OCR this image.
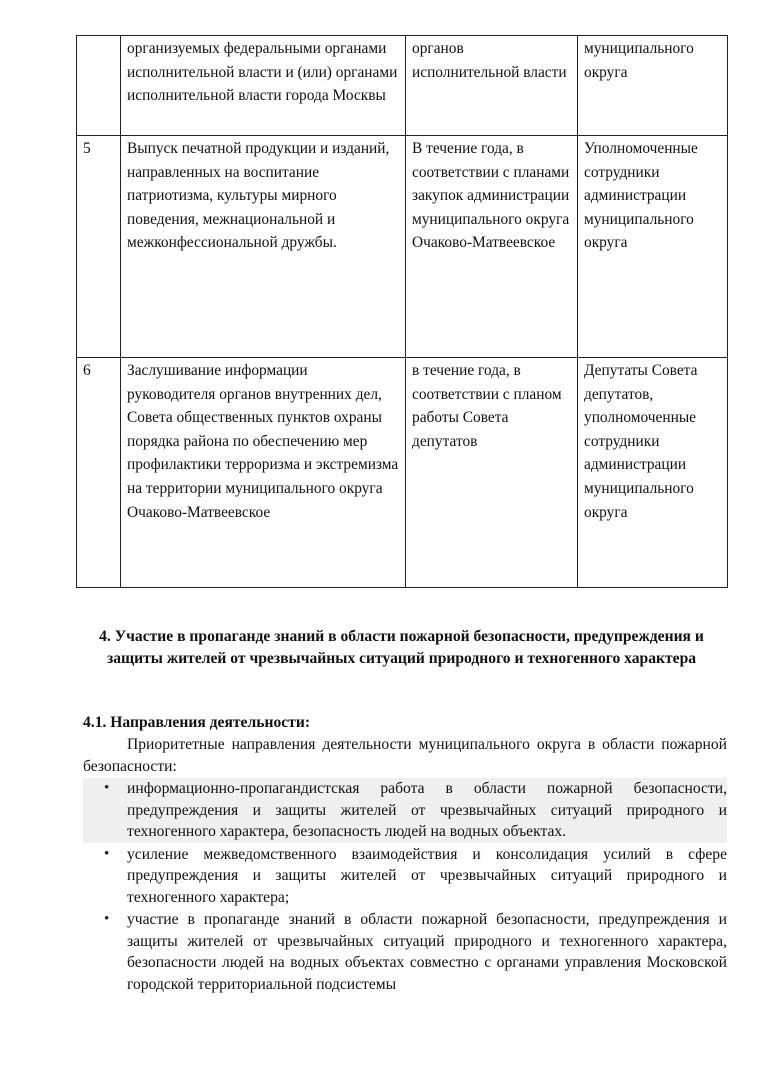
	организуемых федеральными органами исполнительной власти и (или) органами исполнительной власти города Москвы	органов исполнительной власти	муниципального округа
5	Выпуск печатной продукции и изданий, направленных на воспитание патриотизма, культуры мирного поведения, межнациональной и межконфессиональной дружбы.	В течение года, в соответствии с планами закупок администрации муниципального округа Очаково-Матвеевское	Уполномоченные сотрудники администрации муниципального округа
6	Заслушивание информации руководителя органов внутренних дел, Совета общественных пунктов охраны порядка района по обеспечению мер профилактики терроризма и экстремизма на территории муниципального округа Очаково-Матвеевское	в течение года, в соответствии с планом работы Совета депутатов	Депутаты Совета депутатов, уполномоченные сотрудники администрации муниципального округа
4. Участие в пропаганде знаний в области пожарной безопасности, предупреждения и защиты жителей от чрезвычайных ситуаций природного и техногенного характера
4.1. Направления деятельности:
Приоритетные направления деятельности муниципального округа в области пожарной безопасности:
• информационно-пропагандистская работа в области пожарной безопасности, предупреждения и защиты жителей от чрезвычайных ситуаций природного и техногенного характера, безопасность людей на водных объектах.
• усиление межведомственного взаимодействия и консолидация усилий в сфере предупреждения и защиты жителей от чрезвычайных ситуаций природного и техногенного характера;
• участие в пропаганде знаний в области пожарной безопасности, предупреждения и защиты жителей от чрезвычайных ситуаций природного и техногенного характера, безопасности людей на водных объектах совместно с органами управления Московской городской территориальной подсистемы
